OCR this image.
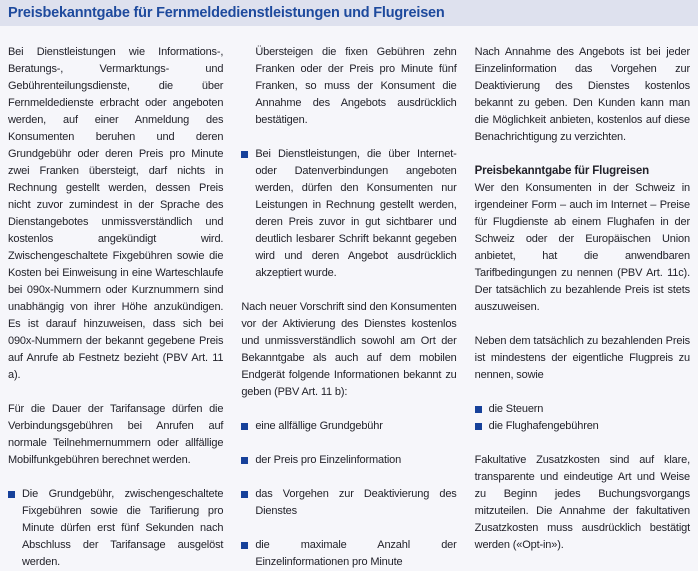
Preisbekanntgabe für Fernmeldedienstleistungen und Flugreisen

Bei Dienstleistungen wie Informations-, Beratungs-, Vermarktungs- und Gebührenteilungsdienste, die über Fernmeldedienste erbracht oder angeboten werden, auf einer Anmeldung des Konsumenten beruhen und deren Grundgebühr oder deren Preis pro Minute zwei Franken übersteigt, darf nichts in Rechnung gestellt werden, dessen Preis nicht zuvor zumindest in der Sprache des Dienstangebotes unmissverständlich und kostenlos angekündigt wird. Zwischengeschaltete Fixgebühren sowie die Kosten bei Einweisung in eine Warteschlaufe bei 090x-Nummern oder Kurznummern sind unabhängig von ihrer Höhe anzukündigen. Es ist darauf hinzuweisen, dass sich bei 090x-Nummern der bekannt gegebene Preis auf Anrufe ab Festnetz bezieht (PBV Art. 11 a).

Für die Dauer der Tarifansage dürfen die Verbindungsgebühren bei Anrufen auf normale Teilnehmernummern oder allfällige Mobilfunkgebühren berechnet werden.

Die Grundgebühr, zwischengeschaltete Fixgebühren sowie die Tarifierung pro Minute dürfen erst fünf Sekunden nach Abschluss der Tarifansage ausgelöst werden.

Übersteigen die fixen Gebühren zehn Franken oder der Preis pro Minute fünf Franken, so muss der Konsument die Annahme des Angebots ausdrücklich bestätigen.

Bei Dienstleistungen, die über Internet- oder Datenverbindungen angeboten werden, dürfen den Konsumenten nur Leistungen in Rechnung gestellt werden, deren Preis zuvor in gut sichtbarer und deutlich lesbarer Schrift bekannt gegeben wird und deren Angebot ausdrücklich akzeptiert wurde.

Nach neuer Vorschrift sind den Konsumenten vor der Aktivierung des Dienstes kostenlos und unmissverständlich sowohl am Ort der Bekanntgabe als auch auf dem mobilen Endgerät folgende Informationen bekannt zu geben (PBV Art. 11 b):

eine allfällige Grundgebühr
der Preis pro Einzelinformation
das Vorgehen zur Deaktivierung des Dienstes
die maximale Anzahl der Einzelinformationen pro Minute

Nach Annahme des Angebots ist bei jeder Einzelinformation das Vorgehen zur Deaktivierung des Dienstes kostenlos bekannt zu geben. Den Kunden kann man die Möglichkeit anbieten, kostenlos auf diese Benachrichtigung zu verzichten.

Preisbekanntgabe für Flugreisen

Wer den Konsumenten in der Schweiz in irgendeiner Form – auch im Internet – Preise für Flugdienste ab einem Flughafen in der Schweiz oder der Europäischen Union anbietet, hat die anwendbaren Tarifbedingungen zu nennen (PBV Art. 11c). Der tatsächlich zu bezahlende Preis ist stets auszuweisen.

Neben dem tatsächlich zu bezahlenden Preis ist mindestens der eigentliche Flugpreis zu nennen, sowie

die Steuern
die Flughafengebühren

Fakultative Zusatzkosten sind auf klare, transparente und eindeutige Art und Weise zu Beginn jedes Buchungsvorgangs mitzuteilen. Die Annahme der fakultativen Zusatzkosten muss ausdrücklich bestätigt werden («Opt-in»).
